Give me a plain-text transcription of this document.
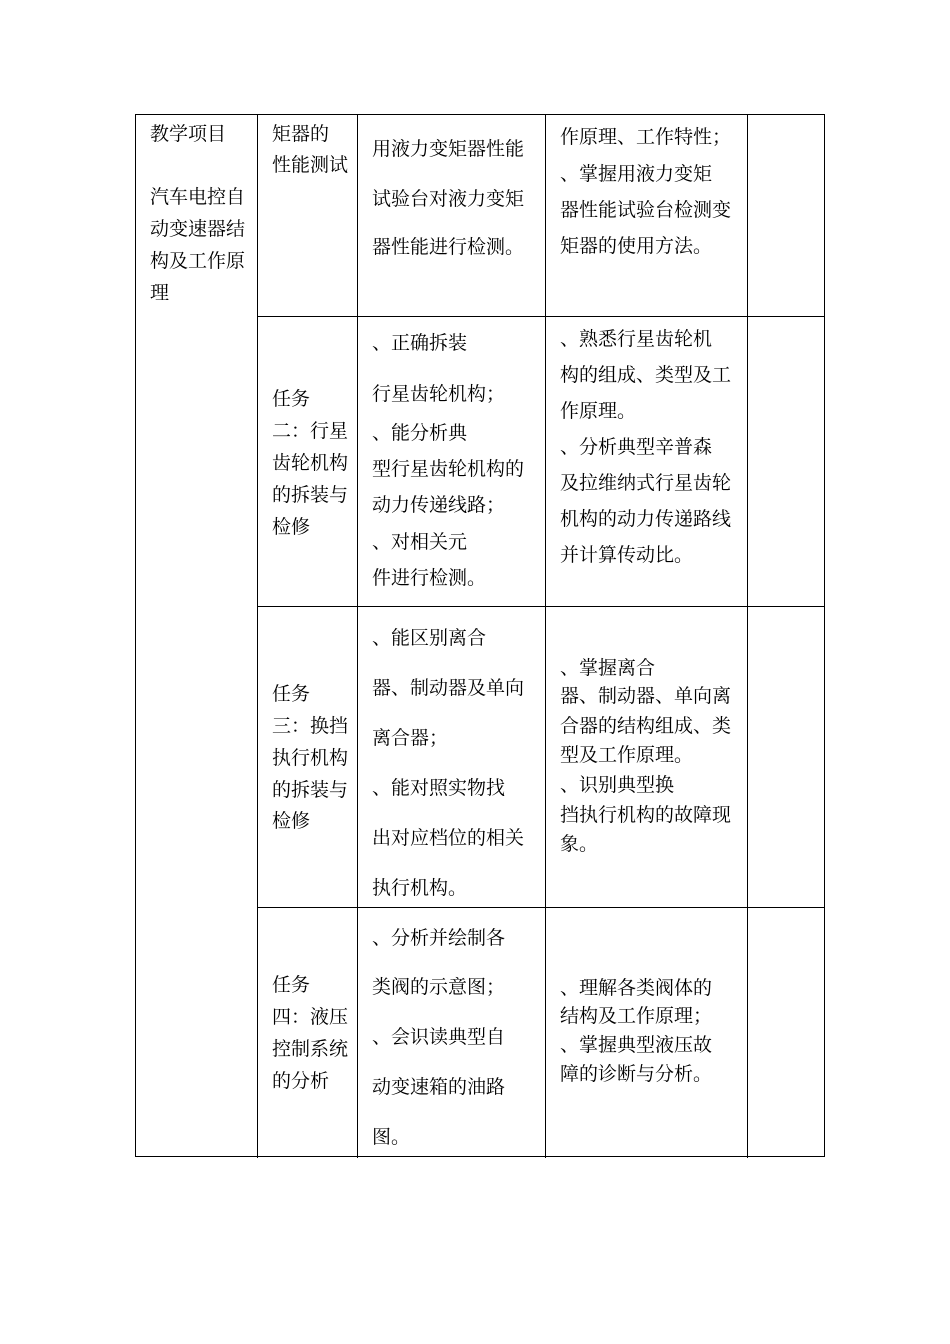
教学项目
汽车电控自
动变速器结
构及工作原
理
矩器的
性能测试
用液力变矩器性能
试验台对液力变矩
器性能进行检测。
作原理、工作特性；
、掌握用液力变矩
器性能试验台检测变
矩器的使用方法。
任务
二：行星
齿轮机构
的拆装与
检修
、正确拆装
行星齿轮机构；
、能分析典
型行星齿轮机构的
动力传递线路；
、对相关元
件进行检测。
、熟悉行星齿轮机
构的组成、类型及工
作原理。
、分析典型辛普森
及拉维纳式行星齿轮
机构的动力传递路线
并计算传动比。
任务
三：换挡
执行机构
的拆装与
检修
、能区别离合
器、制动器及单向
离合器；
、能对照实物找
出对应档位的相关
执行机构。
、掌握离合
器、制动器、单向离
合器的结构组成、类
型及工作原理。
、识别典型换
挡执行机构的故障现
象。
任务
四：液压
控制系统
的分析
、分析并绘制各
类阀的示意图；
、会识读典型自
动变速箱的油路
图。
、理解各类阀体的
结构及工作原理；
、掌握典型液压故
障的诊断与分析。
